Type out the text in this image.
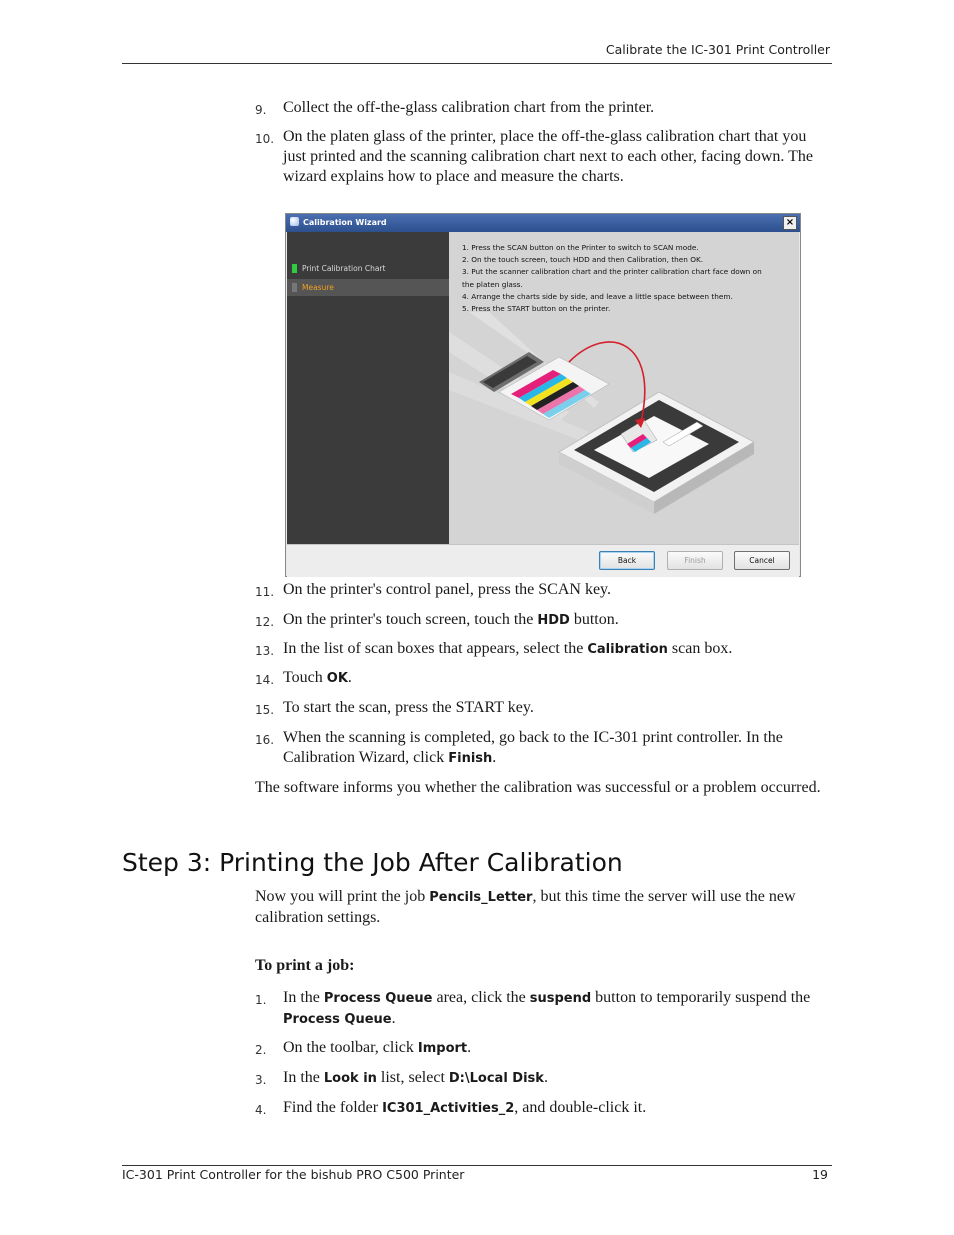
Calibrate the IC-301 Print Controller
9. Collect the off-the-glass calibration chart from the printer.
10. On the platen glass of the printer, place the off-the-glass calibration chart that you just printed and the scanning calibration chart next to each other, facing down. The wizard explains how to place and measure the charts.
Calibration Wizard	×
Print Calibration Chart
Measure
1. Press the SCAN button on the Printer to switch to SCAN mode.
2. On the touch screen, touch HDD and then Calibration, then OK.
3. Put the scanner calibration chart and the printer calibration chart face down on
the platen glass.
4. Arrange the charts side by side, and leave a little space between them.
5. Press the START button on the printer.
Back	Finish	Cancel
11. On the printer's control panel, press the SCAN key.
12. On the printer's touch screen, touch the HDD button.
13. In the list of scan boxes that appears, select the Calibration scan box.
14. Touch OK.
15. To start the scan, press the START key.
16. When the scanning is completed, go back to the IC-301 print controller. In the Calibration Wizard, click Finish.
The software informs you whether the calibration was successful or a problem occurred.
Step 3: Printing the Job After Calibration
Now you will print the job Pencils_Letter, but this time the server will use the new calibration settings.
To print a job:
1. In the Process Queue area, click the suspend button to temporarily suspend the Process Queue.
2. On the toolbar, click Import.
3. In the Look in list, select D:\Local Disk.
4. Find the folder IC301_Activities_2, and double-click it.
IC-301 Print Controller for the bishub PRO C500 Printer	19
